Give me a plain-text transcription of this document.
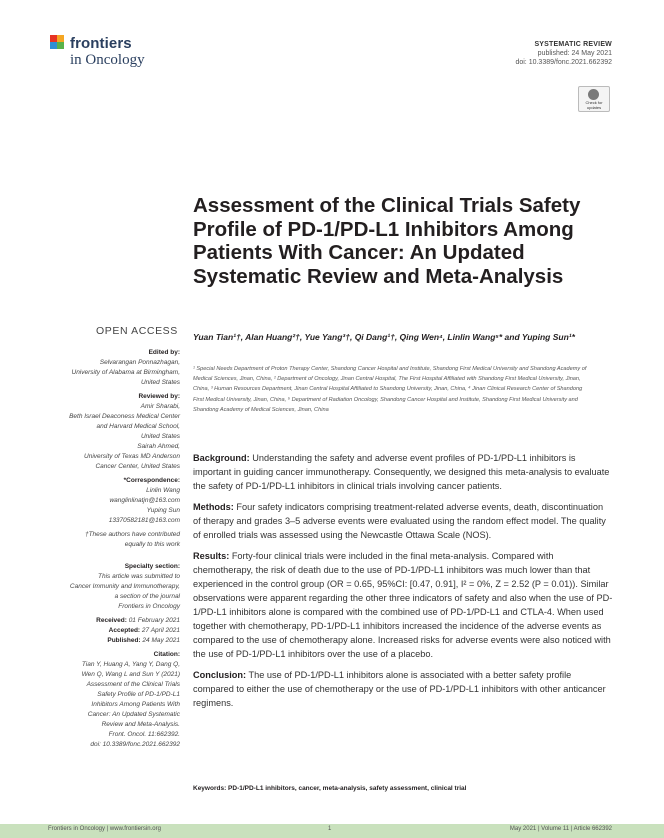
frontiers
in Oncology
SYSTEMATIC REVIEW
published: 24 May 2021
doi: 10.3389/fonc.2021.662392
Check for updates
Assessment of the Clinical Trials Safety Profile of PD-1/PD-L1 Inhibitors Among Patients With Cancer: An Updated Systematic Review and Meta-Analysis
OPEN ACCESS
Edited by:
Selvarangan Ponnazhagan,
University of Alabama at Birmingham,
United States
Reviewed by:
Amir Sharabi,
Beth Israel Deaconess Medical Center
and Harvard Medical School,
United States
Sairah Ahmed,
University of Texas MD Anderson
Cancer Center, United States
*Correspondence:
Linlin Wang
wanglinlinatjn@163.com
Yuping Sun
13370582181@163.com
†These authors have contributed
equally to this work
Specialty section:
This article was submitted to
Cancer Immunity and Immunotherapy,
a section of the journal
Frontiers in Oncology
Received: 01 February 2021
Accepted: 27 April 2021
Published: 24 May 2021
Citation:
Tian Y, Huang A, Yang Y, Dang Q,
Wen Q, Wang L and Sun Y (2021)
Assessment of the Clinical Trials
Safety Profile of PD-1/PD-L1
Inhibitors Among Patients With
Cancer: An Updated Systematic
Review and Meta-Analysis.
Front. Oncol. 11:662392.
doi: 10.3389/fonc.2021.662392
Yuan Tian¹†, Alan Huang²†, Yue Yang³†, Qi Dang¹†, Qing Wen⁴, Linlin Wang⁵* and Yuping Sun¹*
¹ Special Needs Department of Proton Therapy Center, Shandong Cancer Hospital and Institute, Shandong First Medical University and Shandong Academy of Medical Sciences, Jinan, China, ² Department of Oncology, Jinan Central Hospital, The First Hospital Affiliated with Shandong First Medical University, Jinan, China, ³ Human Resources Department, Jinan Central Hospital Affiliated to Shandong University, Jinan, China, ⁴ Jinan Clinical Research Center of Shandong First Medical University, Jinan, China, ⁵ Department of Radiation Oncology, Shandong Cancer Hospital and Institute, Shandong First Medical University and Shandong Academy of Medical Sciences, Jinan, China

Background: Understanding the safety and adverse event profiles of PD-1/PD-L1 inhibitors is important in guiding cancer immunotherapy. Consequently, we designed this meta-analysis to evaluate the safety of PD-1/PD-L1 inhibitors in clinical trials involving cancer patients.

Methods: Four safety indicators comprising treatment-related adverse events, death, discontinuation of therapy and grades 3–5 adverse events were evaluated using the random effect model. The quality of enrolled trials was assessed using the Newcastle Ottawa Scale (NOS).

Results: Forty-four clinical trials were included in the final meta-analysis. Compared with chemotherapy, the risk of death due to the use of PD-1/PD-L1 inhibitors was much lower than that experienced in the control group (OR = 0.65, 95%CI: [0.47, 0.91], I² = 0%, Z = 2.52 (P = 0.01)). Similar observations were apparent regarding the other three indicators of safety and also when the use of PD-1/PD-L1 inhibitors alone is compared with the combined use of PD-1/PD-L1 and CTLA-4. When used together with chemotherapy, PD-1/PD-L1 inhibitors increased the incidence of the adverse events as compared to the use of chemotherapy alone. Increased risks for adverse events were also noticed with the use of PD-1/PD-L1 inhibitors over the use of a placebo.

Conclusion: The use of PD-1/PD-L1 inhibitors alone is associated with a better safety profile compared to either the use of chemotherapy or the use of PD-1/PD-L1 inhibitors with other anticancer regimens.

Keywords: PD-1/PD-L1 inhibitors, cancer, meta-analysis, safety assessment, clinical trial
Frontiers in Oncology | www.frontiersin.org	1	May 2021 | Volume 11 | Article 662392
